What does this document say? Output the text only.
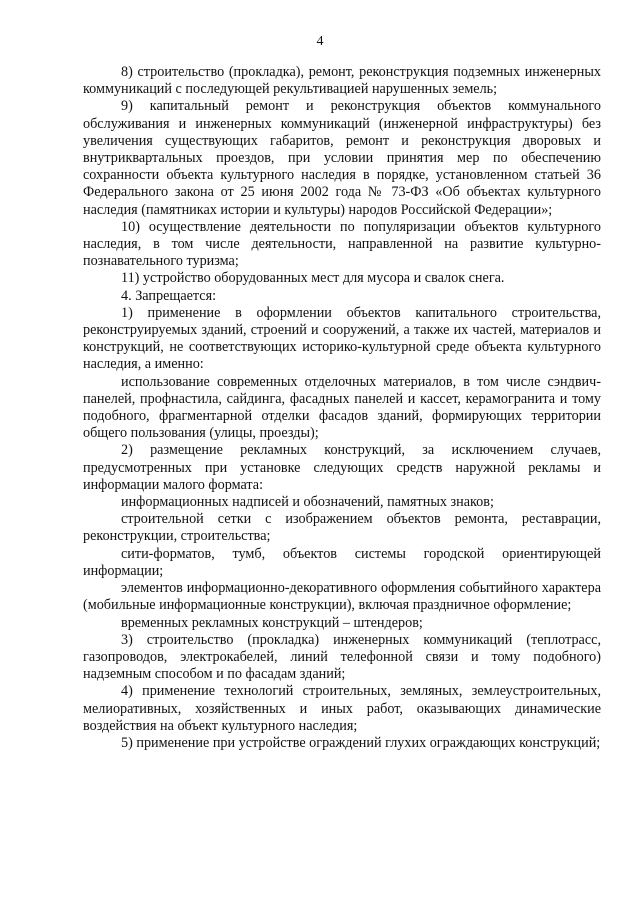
4

8) строительство (прокладка), ремонт, реконструкция подземных инженерных коммуникаций с последующей рекультивацией нарушенных земель;

9) капитальный ремонт и реконструкция объектов коммунального обслуживания и инженерных коммуникаций (инженерной инфраструктуры) без увеличения существующих габаритов, ремонт и реконструкция дворовых и внутриквартальных проездов, при условии принятия мер по обеспечению сохранности объекта культурного наследия в порядке, установленном статьей 36 Федерального закона от 25 июня 2002 года № 73-ФЗ «Об объектах культурного наследия (памятниках истории и культуры) народов Российской Федерации»;

10) осуществление деятельности по популяризации объектов культурного наследия, в том числе деятельности, направленной на развитие культурно-познавательного туризма;

11) устройство оборудованных мест для мусора и свалок снега.

4. Запрещается:

1) применение в оформлении объектов капитального строительства, реконструируемых зданий, строений и сооружений, а также их частей, материалов и конструкций, не соответствующих историко-культурной среде объекта культурного наследия, а именно:

использование современных отделочных материалов, в том числе сэндвич-панелей, профнастила, сайдинга, фасадных панелей и кассет, керамогранита и тому подобного, фрагментарной отделки фасадов зданий, формирующих территории общего пользования (улицы, проезды);

2) размещение рекламных конструкций, за исключением случаев, предусмотренных при установке следующих средств наружной рекламы и информации малого формата:

информационных надписей и обозначений, памятных знаков;

строительной сетки с изображением объектов ремонта, реставрации, реконструкции, строительства;

сити-форматов, тумб, объектов системы городской ориентирующей информации;

элементов информационно-декоративного оформления событийного характера (мобильные информационные конструкции), включая праздничное оформление;

временных рекламных конструкций – штендеров;

3) строительство (прокладка) инженерных коммуникаций (теплотрасс, газопроводов, электрокабелей, линий телефонной связи и тому подобного) надземным способом и по фасадам зданий;

4) применение технологий строительных, земляных, землеустроительных, мелиоративных, хозяйственных и иных работ, оказывающих динамические воздействия на объект культурного наследия;

5) применение при устройстве ограждений глухих ограждающих конструкций;
